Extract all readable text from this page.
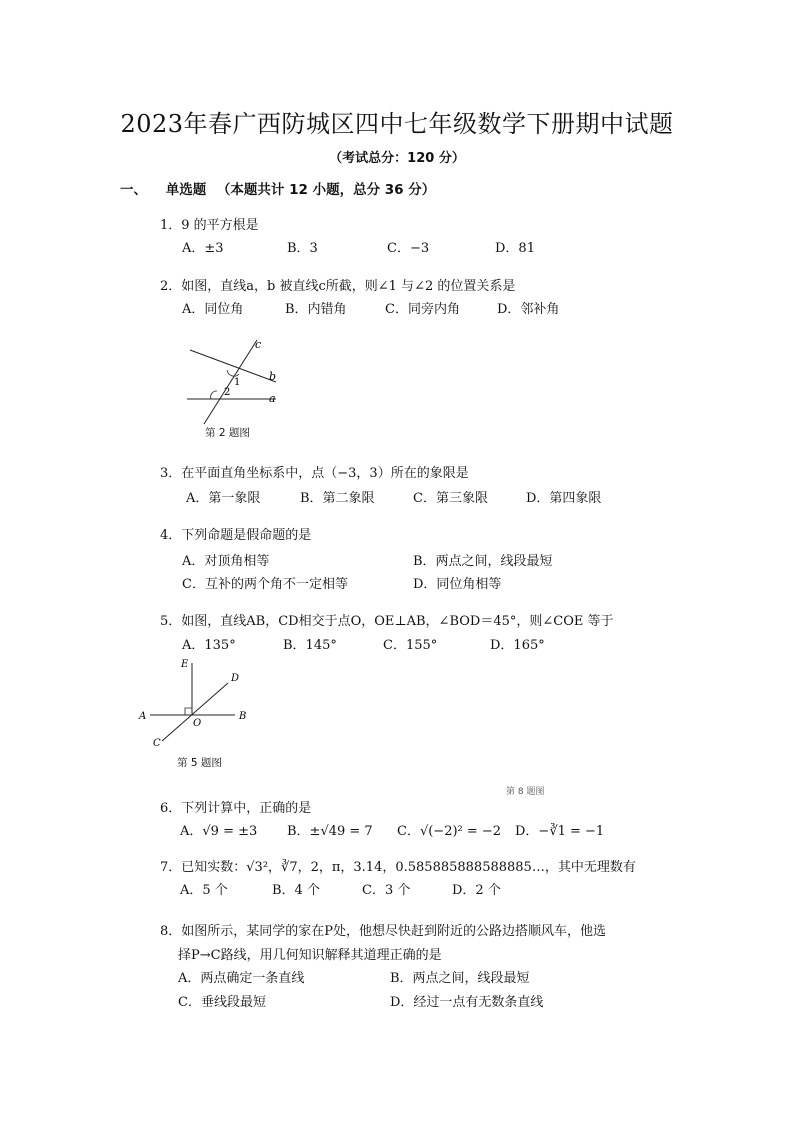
2023年春广西防城区四中七年级数学下册期中试题
（考试总分：120 分）
一、 单选题 （本题共计 12 小题，总分 36 分）
1．9 的平方根是
A．±3	B．3	C．−3	D．81
2．如图，直线a，b 被直线c所截，则∠1 与∠2 的位置关系是
A．同位角	B．内错角	C．同旁内角	D．邻补角
c
b
a
1
2
第 2 题图
3．在平面直角坐标系中，点（−3，3）所在的象限是
A．第一象限	B．第二象限	C．第三象限	D．第四象限
4．下列命题是假命题的是
A．对顶角相等	B．两点之间，线段最短
C．互补的两个角不一定相等	D．同位角相等
5．如图，直线AB，CD相交于点O，OE⊥AB，∠BOD＝45°，则∠COE 等于
A．135°	B．145°	C．155°	D．165°
E
D
A	B
O
C
第 5 题图
第 8 题图
6．下列计算中，正确的是
A．√9 = ±3 B．±√49 = 7 C．√(−2)² = −2 D．−∛1 = −1
7．已知实数：√3²，∛7，2，π，3.14，0.585885888588885…，其中无理数有
A．5 个	B．4 个	C．3 个	D．2 个
8．如图所示，某同学的家在P处，他想尽快赶到附近的公路边搭顺风车，他选
择P→C路线，用几何知识解释其道理正确的是
A．两点确定一条直线	B．两点之间，线段最短
C．垂线段最短	D．经过一点有无数条直线
